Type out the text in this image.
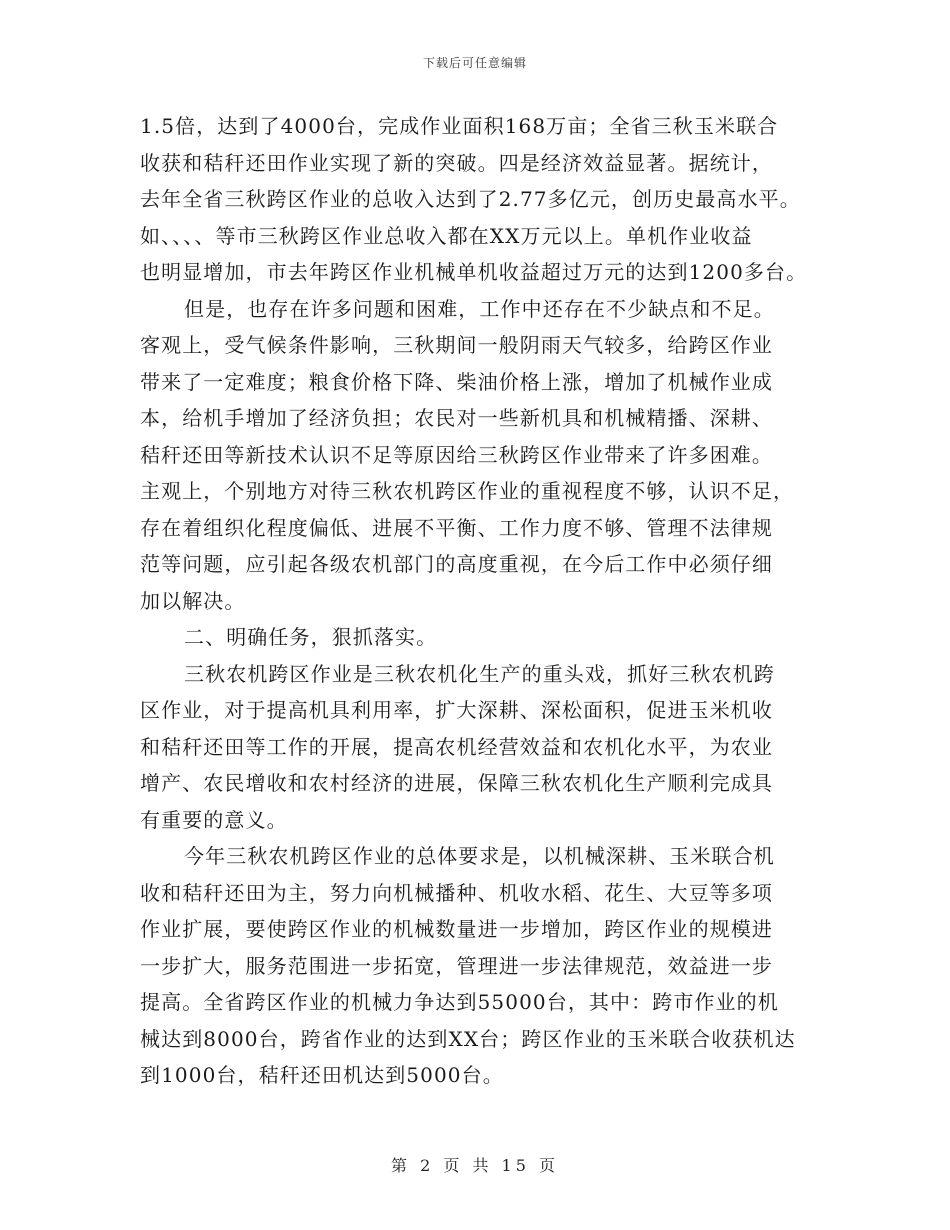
下载后可任意编辑
1.5倍，达到了4000台，完成作业面积168万亩；全省三秋玉米联合
收获和秸秆还田作业实现了新的突破。四是经济效益显著。据统计，
去年全省三秋跨区作业的总收入达到了2.77多亿元，创历史最高水平。
如、、、、等市三秋跨区作业总收入都在XX万元以上。单机作业收益
也明显增加，市去年跨区作业机械单机收益超过万元的达到1200多台。
但是，也存在许多问题和困难，工作中还存在不少缺点和不足。
客观上，受气候条件影响，三秋期间一般阴雨天气较多，给跨区作业
带来了一定难度；粮食价格下降、柴油价格上涨，增加了机械作业成
本，给机手增加了经济负担；农民对一些新机具和机械精播、深耕、
秸秆还田等新技术认识不足等原因给三秋跨区作业带来了许多困难。
主观上，个别地方对待三秋农机跨区作业的重视程度不够，认识不足，
存在着组织化程度偏低、进展不平衡、工作力度不够、管理不法律规
范等问题，应引起各级农机部门的高度重视，在今后工作中必须仔细
加以解决。
二、明确任务，狠抓落实。
三秋农机跨区作业是三秋农机化生产的重头戏，抓好三秋农机跨
区作业，对于提高机具利用率，扩大深耕、深松面积，促进玉米机收
和秸秆还田等工作的开展，提高农机经营效益和农机化水平，为农业
增产、农民增收和农村经济的进展，保障三秋农机化生产顺利完成具
有重要的意义。
今年三秋农机跨区作业的总体要求是，以机械深耕、玉米联合机
收和秸秆还田为主，努力向机械播种、机收水稻、花生、大豆等多项
作业扩展，要使跨区作业的机械数量进一步增加，跨区作业的规模进
一步扩大，服务范围进一步拓宽，管理进一步法律规范，效益进一步
提高。全省跨区作业的机械力争达到55000台，其中：跨市作业的机
械达到8000台，跨省作业的达到XX台；跨区作业的玉米联合收获机达
到1000台，秸秆还田机达到5000台。
第 2 页 共 15 页
